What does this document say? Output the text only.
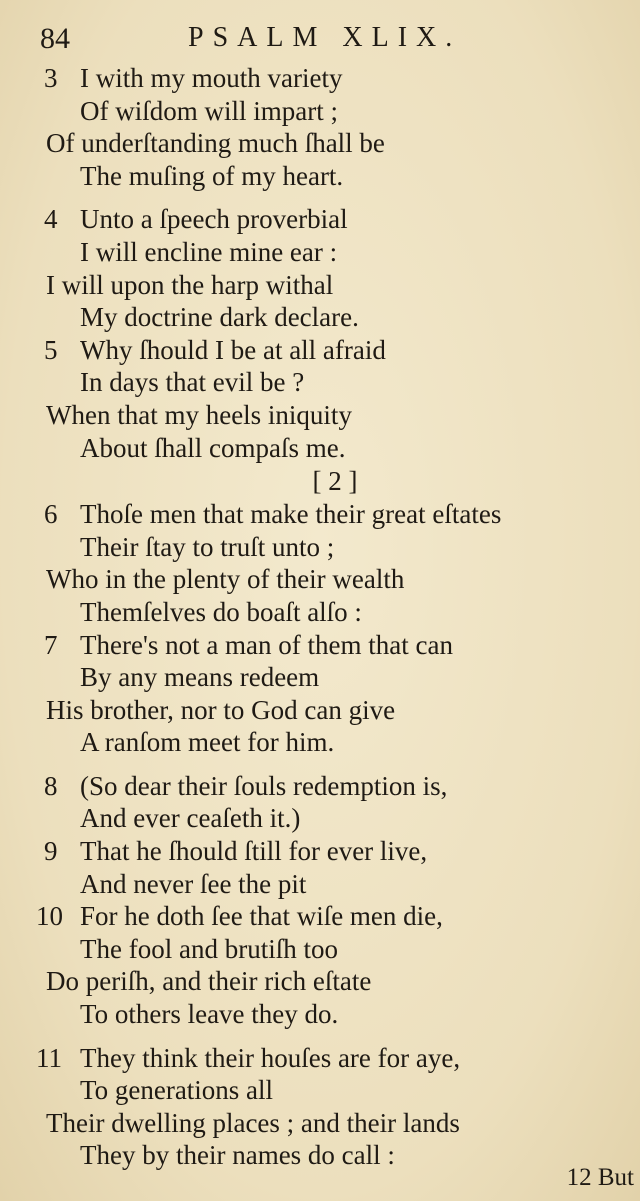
84	PSALM XLIX.
3 I with my mouth variety
Of wiſdom will impart ;
Of underſtanding much ſhall be
The muſing of my heart.
4 Unto a ſpeech proverbial
I will encline mine ear :
I will upon the harp withal
My doctrine dark declare.
5 Why ſhould I be at all afraid
In days that evil be ?
When that my heels iniquity
About ſhall compaſs me.
[ 2 ]
6 Thoſe men that make their great eſtates
Their ſtay to truſt unto ;
Who in the plenty of their wealth
Themſelves do boaſt alſo :
7 There's not a man of them that can
By any means redeem
His brother, nor to God can give
A ranſom meet for him.
8 (So dear their ſouls redemption is,
And ever ceaſeth it.)
9 That he ſhould ſtill for ever live,
And never ſee the pit
10 For he doth ſee that wiſe men die,
The fool and brutiſh too
Do periſh, and their rich eſtate
To others leave they do.
11 They think their houſes are for aye,
To generations all
Their dwelling places ; and their lands
They by their names do call :
12 But
